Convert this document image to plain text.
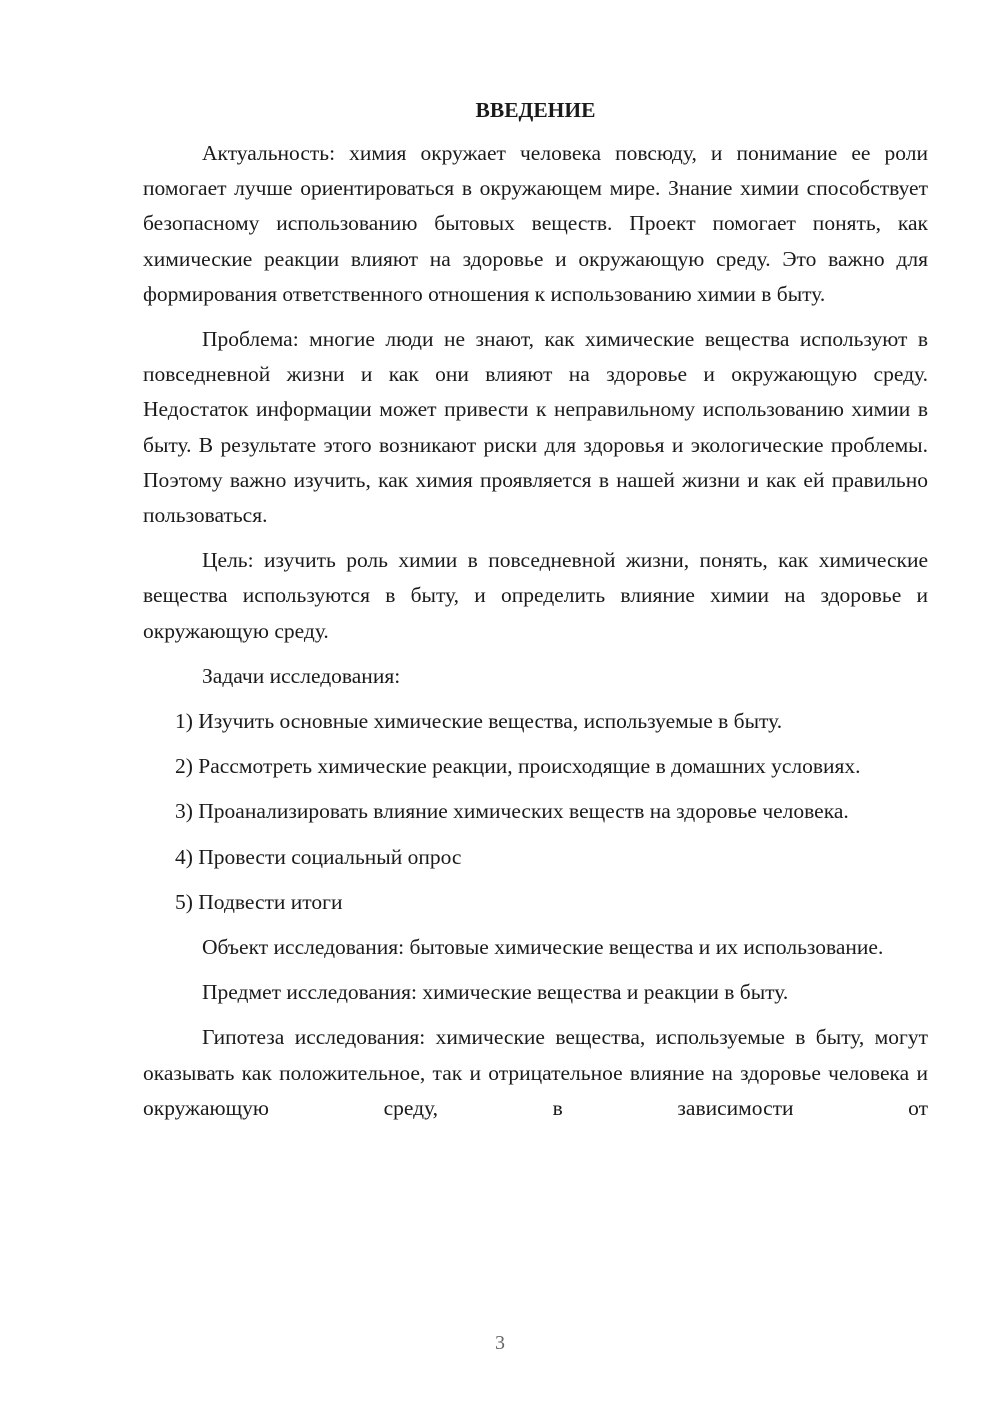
ВВЕДЕНИЕ

Актуальность: химия окружает человека повсюду, и понимание ее роли помогает лучше ориентироваться в окружающем мире. Знание химии способствует безопасному использованию бытовых веществ. Проект помогает понять, как химические реакции влияют на здоровье и окружающую среду. Это важно для формирования ответственного отношения к использованию химии в быту.

Проблема: многие люди не знают, как химические вещества используют в повседневной жизни и как они влияют на здоровье и окружающую среду. Недостаток информации может привести к неправильному использованию химии в быту. В результате этого возникают риски для здоровья и экологические проблемы. Поэтому важно изучить, как химия проявляется в нашей жизни и как ей правильно пользоваться.

Цель: изучить роль химии в повседневной жизни, понять, как химические вещества используются в быту, и определить влияние химии на здоровье и окружающую среду.

Задачи исследования:

1) Изучить основные химические вещества, используемые в быту.

2) Рассмотреть химические реакции, происходящие в домашних условиях.

3) Проанализировать влияние химических веществ на здоровье человека.

4) Провести социальный опрос

5) Подвести итоги

Объект исследования: бытовые химические вещества и их использование.

Предмет исследования: химические вещества и реакции в быту.

Гипотеза исследования: химические вещества, используемые в быту, могут оказывать как положительное, так и отрицательное влияние на здоровье человека и окружающую среду, в зависимости от

3
